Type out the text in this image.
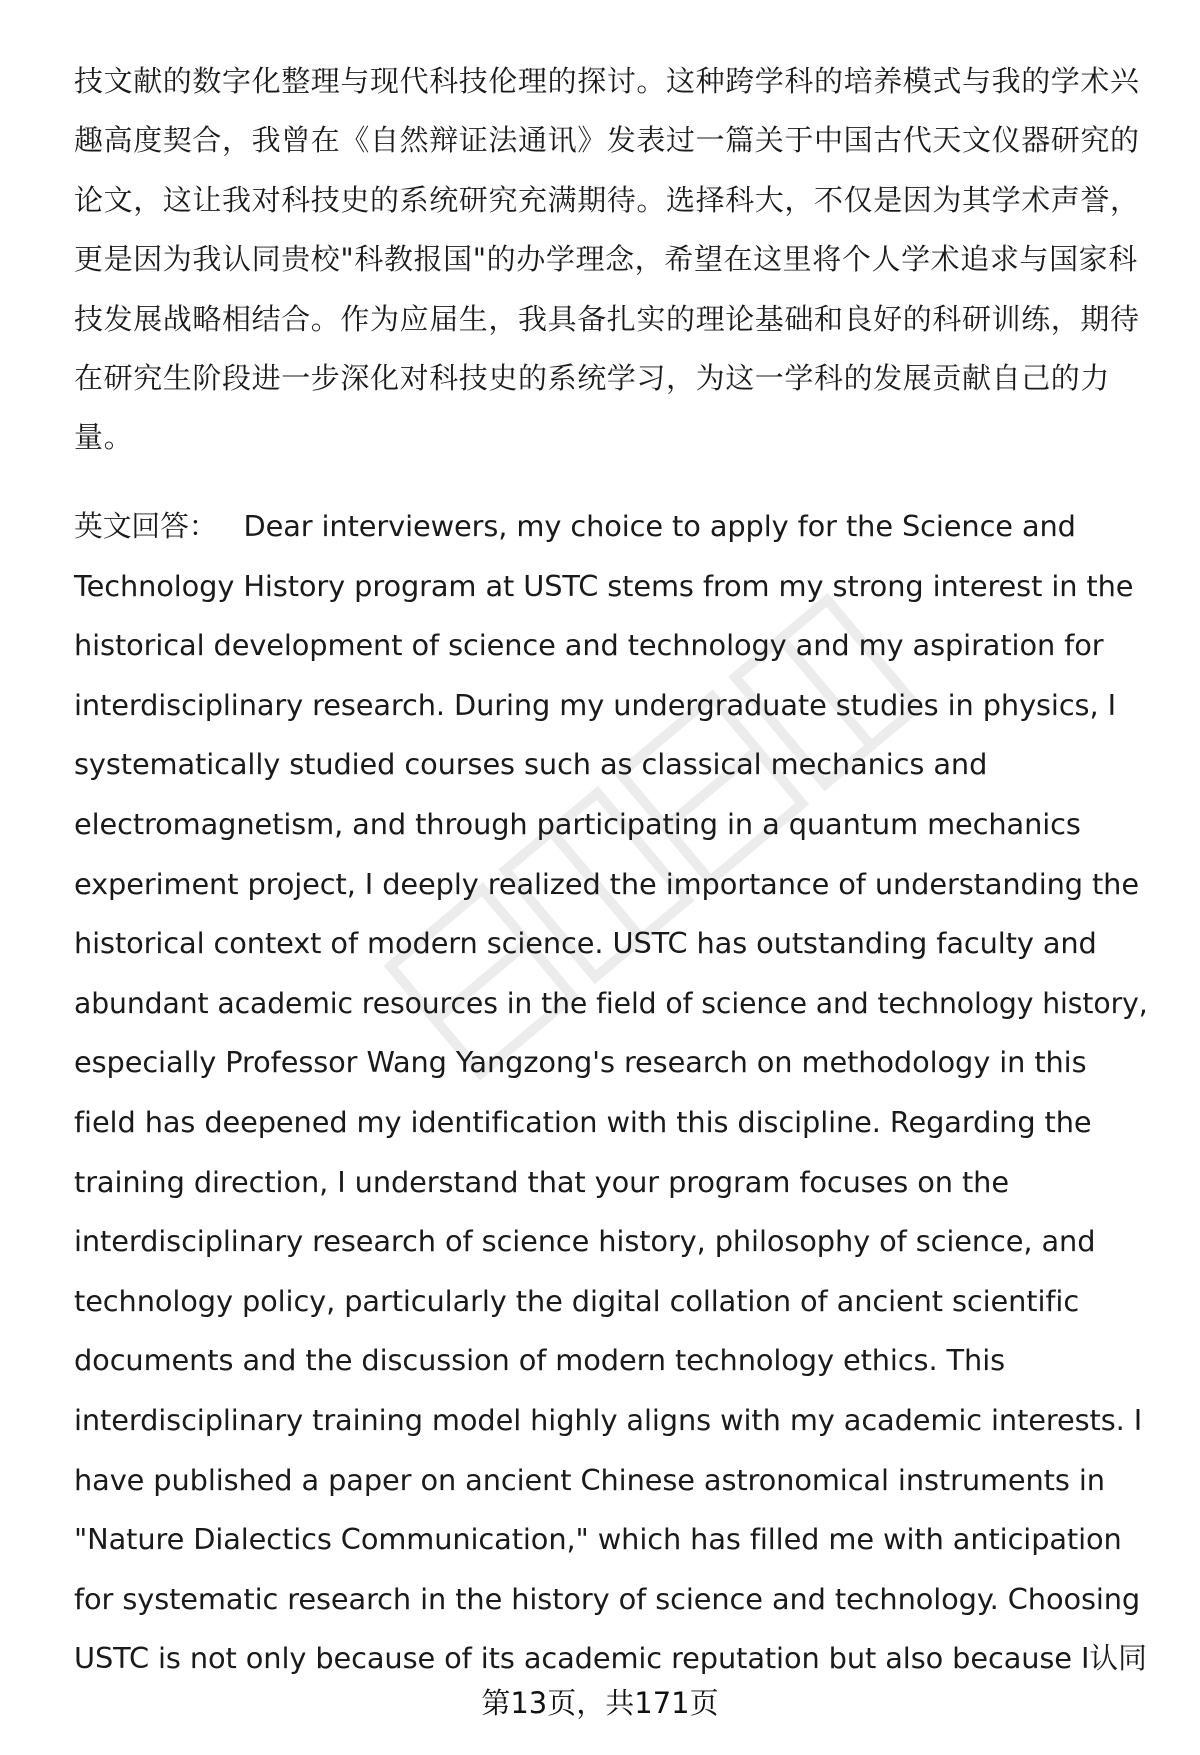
技文献的数字化整理与现代科技伦理的探讨。这种跨学科的培养模式与我的学术兴
趣高度契合，我曾在《自然辩证法通讯》发表过一篇关于中国古代天文仪器研究的
论文，这让我对科技史的系统研究充满期待。选择科大，不仅是因为其学术声誉，
更是因为我认同贵校"科教报国"的办学理念，希望在这里将个人学术追求与国家科
技发展战略相结合。作为应届生，我具备扎实的理论基础和良好的科研训练，期待
在研究生阶段进一步深化对科技史的系统学习，为这一学科的发展贡献自己的力
量。
英文回答： Dear interviewers, my choice to apply for the Science and
Technology History program at USTC stems from my strong interest in the
historical development of science and technology and my aspiration for
interdisciplinary research. During my undergraduate studies in physics, I
systematically studied courses such as classical mechanics and
electromagnetism, and through participating in a quantum mechanics
experiment project, I deeply realized the importance of understanding the
historical context of modern science. USTC has outstanding faculty and
abundant academic resources in the field of science and technology history,
especially Professor Wang Yangzong's research on methodology in this
field has deepened my identification with this discipline. Regarding the
training direction, I understand that your program focuses on the
interdisciplinary research of science history, philosophy of science, and
technology policy, particularly the digital collation of ancient scientific
documents and the discussion of modern technology ethics. This
interdisciplinary training model highly aligns with my academic interests. I
have published a paper on ancient Chinese astronomical instruments in
"Nature Dialectics Communication," which has filled me with anticipation
for systematic research in the history of science and technology. Choosing
USTC is not only because of its academic reputation but also because I认同
第13页，共171页
